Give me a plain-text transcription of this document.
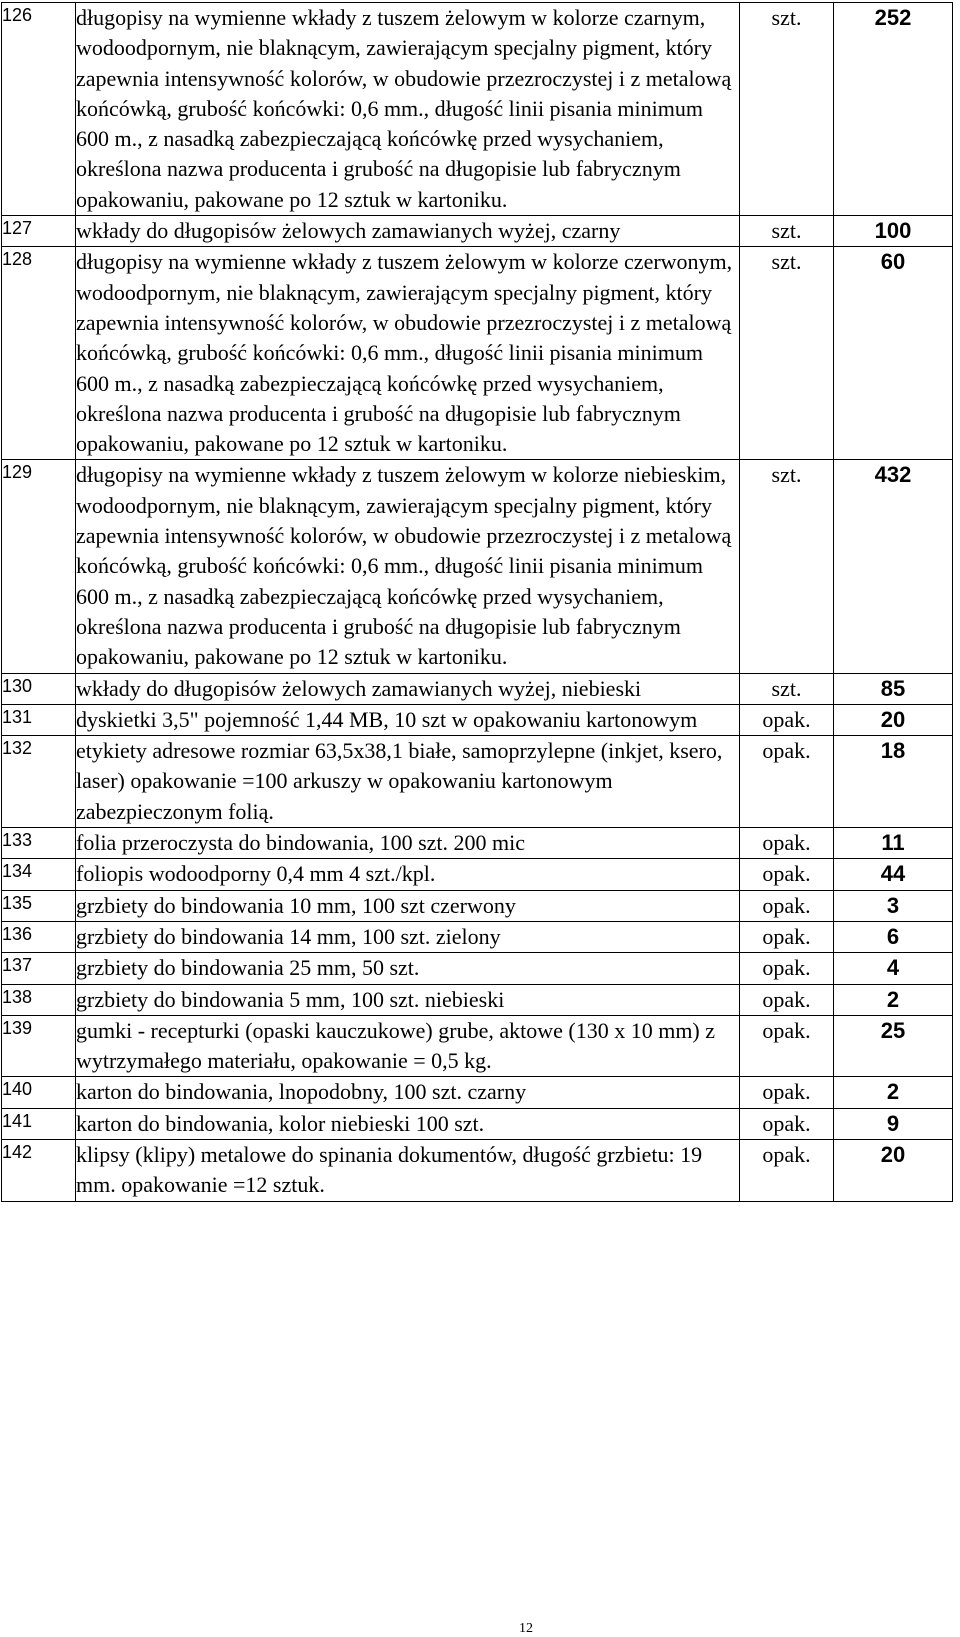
126	długopisy na wymienne wkłady z tuszem żelowym w kolorze czarnym, wodoodpornym, nie blaknącym, zawierającym specjalny pigment, który zapewnia intensywność kolorów, w obudowie przezroczystej i z metalową końcówką, grubość końcówki: 0,6 mm., długość linii pisania minimum 600 m., z nasadką zabezpieczającą końcówkę przed wysychaniem, określona nazwa producenta i grubość na długopisie lub fabrycznym opakowaniu, pakowane po 12 sztuk w kartoniku.	szt.	252
127	wkłady do długopisów żelowych zamawianych wyżej, czarny	szt.	100
128	długopisy na wymienne wkłady z tuszem żelowym w kolorze czerwonym, wodoodpornym, nie blaknącym, zawierającym specjalny pigment, który zapewnia intensywność kolorów, w obudowie przezroczystej i z metalową końcówką, grubość końcówki: 0,6 mm., długość linii pisania minimum 600 m., z nasadką zabezpieczającą końcówkę przed wysychaniem, określona nazwa producenta i grubość na długopisie lub fabrycznym opakowaniu, pakowane po 12 sztuk w kartoniku.	szt.	60
129	długopisy na wymienne wkłady z tuszem żelowym w kolorze niebieskim, wodoodpornym, nie blaknącym, zawierającym specjalny pigment, który zapewnia intensywność kolorów, w obudowie przezroczystej i z metalową końcówką, grubość końcówki: 0,6 mm., długość linii pisania minimum 600 m., z nasadką zabezpieczającą końcówkę przed wysychaniem, określona nazwa producenta i grubość na długopisie lub fabrycznym opakowaniu, pakowane po 12 sztuk w kartoniku.	szt.	432
130	wkłady do długopisów żelowych zamawianych wyżej, niebieski	szt.	85
131	dyskietki 3,5" pojemność 1,44 MB, 10 szt w opakowaniu kartonowym	opak.	20
132	etykiety adresowe rozmiar 63,5x38,1 białe, samoprzylepne (inkjet, ksero, laser) opakowanie =100 arkuszy w opakowaniu kartonowym zabezpieczonym folią.	opak.	18
133	folia przeroczysta do bindowania, 100 szt. 200 mic	opak.	11
134	foliopis wodoodporny 0,4 mm 4 szt./kpl.	opak.	44
135	grzbiety do bindowania 10 mm, 100 szt czerwony	opak.	3
136	grzbiety do bindowania 14 mm, 100 szt. zielony	opak.	6
137	grzbiety do bindowania 25 mm, 50 szt.	opak.	4
138	grzbiety do bindowania 5 mm, 100 szt. niebieski	opak.	2
139	gumki - recepturki (opaski kauczukowe) grube, aktowe (130 x 10 mm) z wytrzymałego materiału, opakowanie = 0,5 kg.	opak.	25
140	karton do bindowania, lnopodobny, 100 szt. czarny	opak.	2
141	karton do bindowania, kolor niebieski 100 szt.	opak.	9
142	klipsy (klipy) metalowe do spinania dokumentów, długość grzbietu: 19 mm. opakowanie =12 sztuk.	opak.	20
12
